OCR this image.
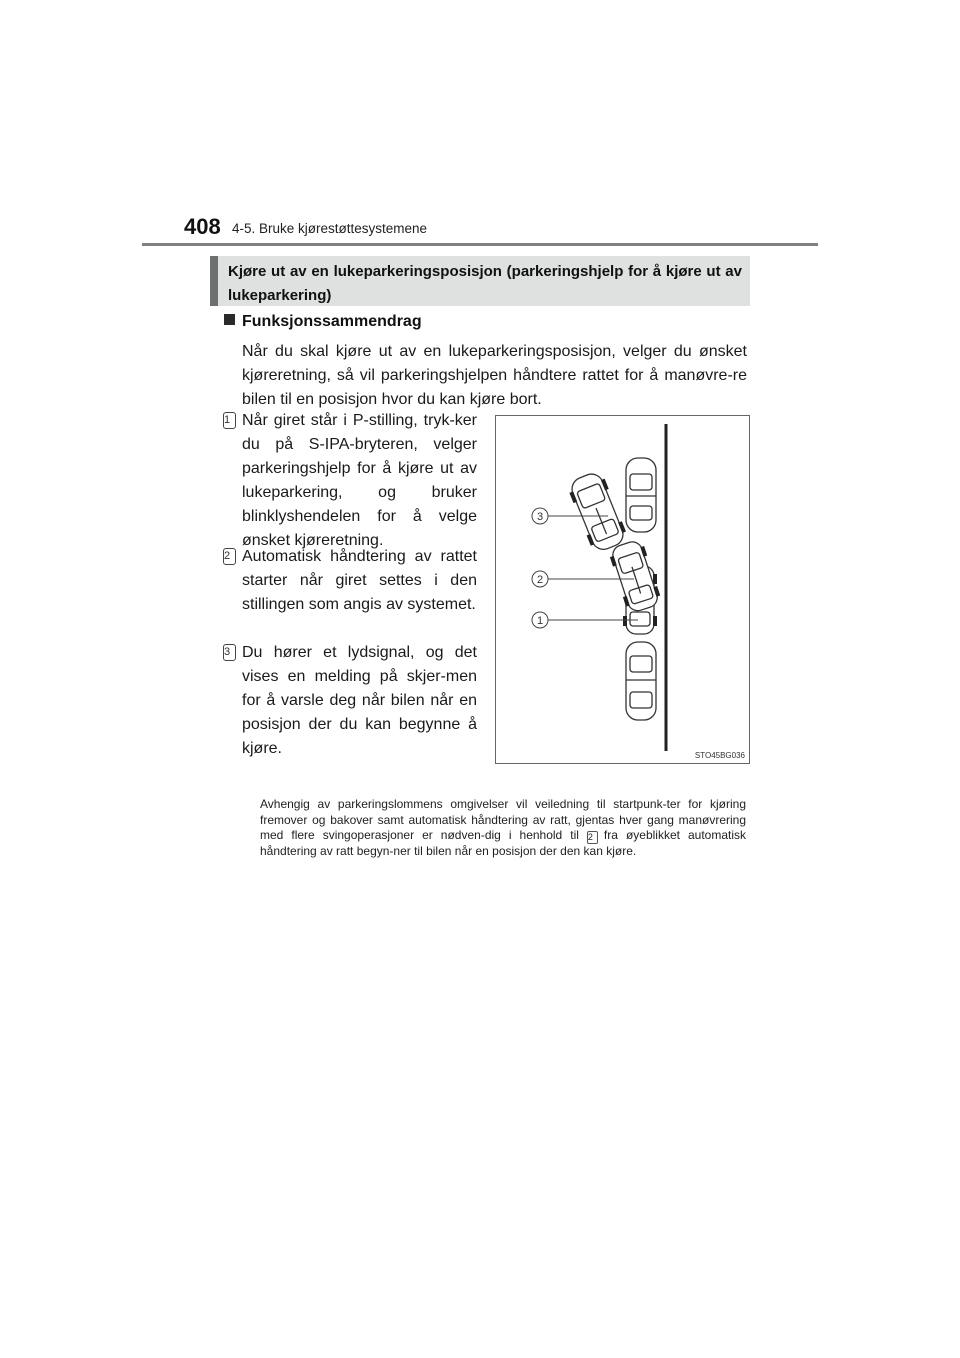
408 4-5. Bruke kjørestøttesystemene
Kjøre ut av en lukeparkeringsposisjon (parkeringshjelp for å kjøre ut av lukeparkering)
Funksjonssammendrag
Når du skal kjøre ut av en lukeparkeringsposisjon, velger du ønsket kjøreretning, så vil parkeringshjelpen håndtere rattet for å manøvre-re bilen til en posisjon hvor du kan kjøre bort.
1 Når giret står i P-stilling, tryk-ker du på S-IPA-bryteren, velger parkeringshjelp for å kjøre ut av lukeparkering, og bruker blinklyshendelen for å velge ønsket kjøreretning.
2 Automatisk håndtering av rattet starter når giret settes i den stillingen som angis av systemet.
3 Du hører et lydsignal, og det vises en melding på skjer-men for å varsle deg når bilen når en posisjon der du kan begynne å kjøre.
3
2
1
STO45BG036
Avhengig av parkeringslommens omgivelser vil veiledning til startpunk-ter for kjøring fremover og bakover samt automatisk håndtering av ratt, gjentas hver gang manøvrering med flere svingoperasjoner er nødven-dig i henhold til 2 fra øyeblikket automatisk håndtering av ratt begyn-ner til bilen når en posisjon der den kan kjøre.
